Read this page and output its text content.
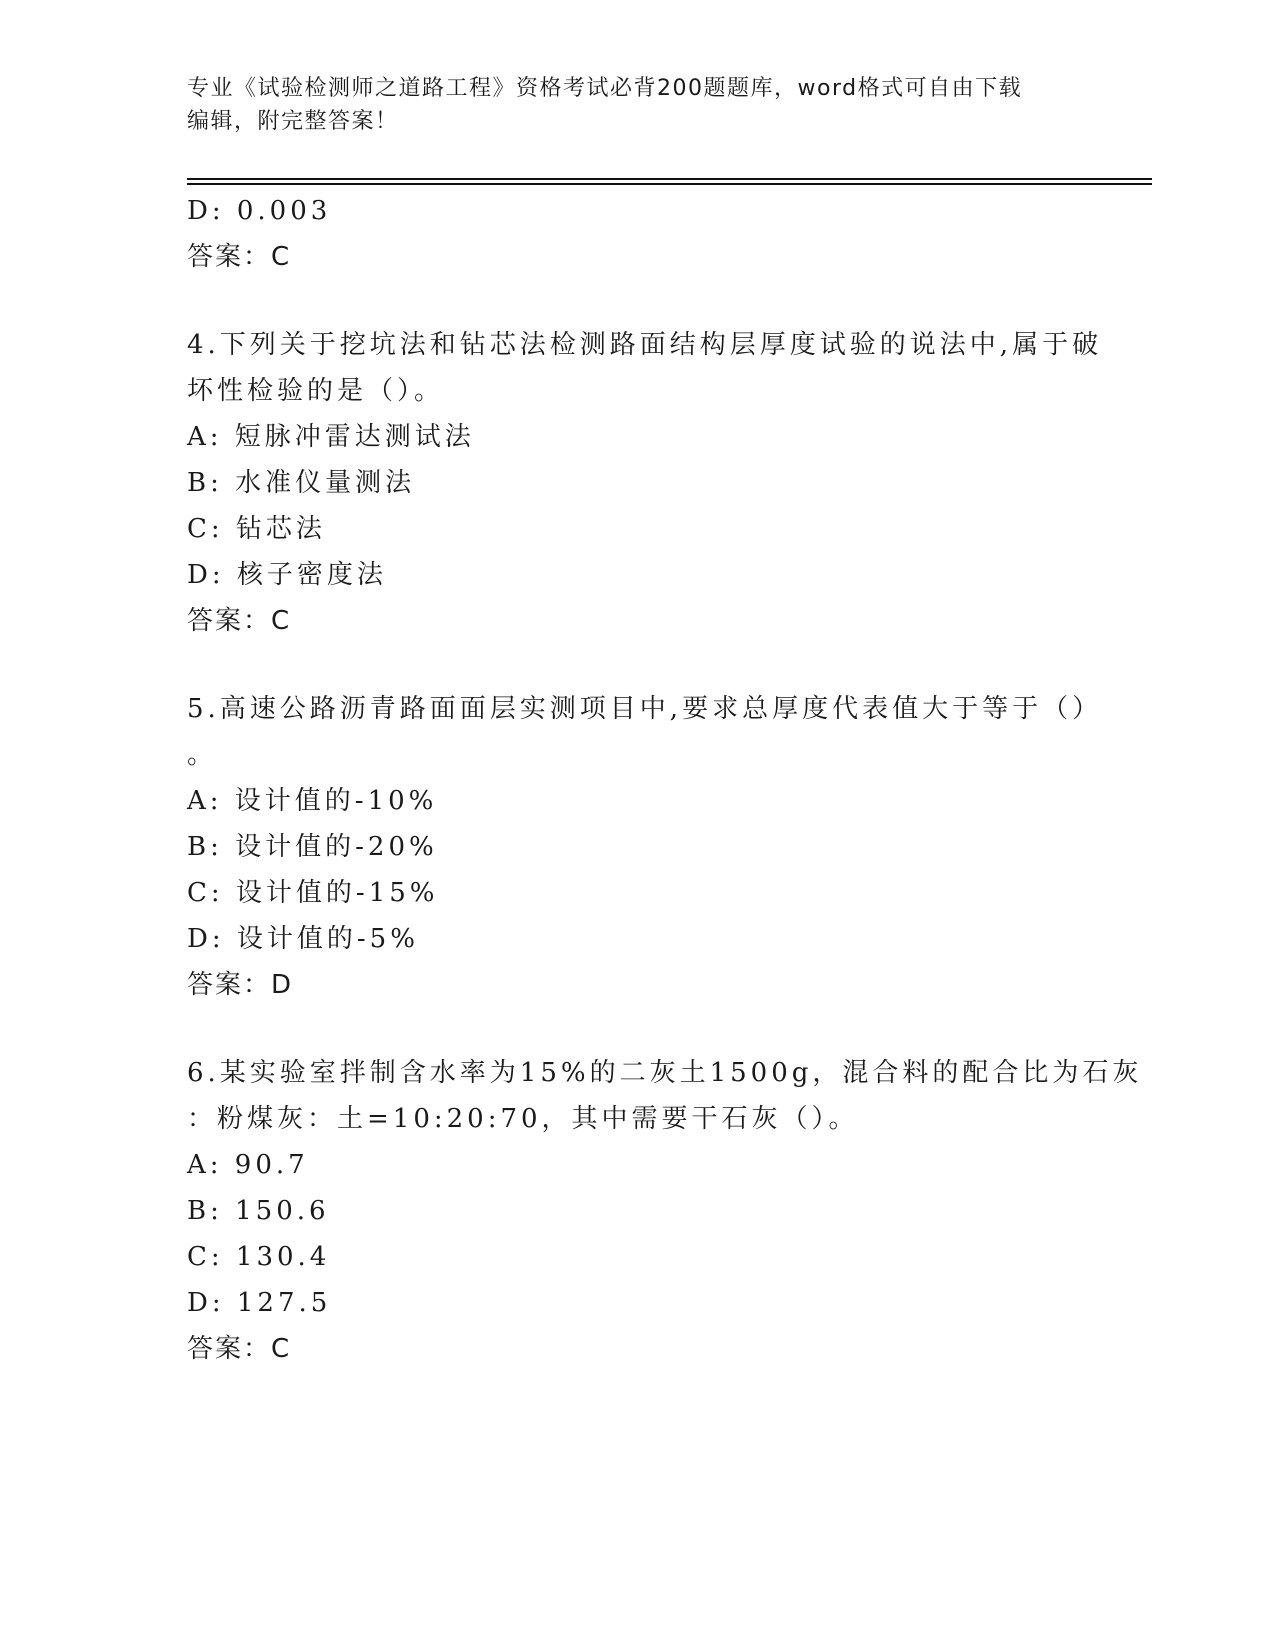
专业《试验检测师之道路工程》资格考试必背200题题库，word格式可自由下载
编辑，附完整答案！
D: 0.003
答案：C
4.下列关于挖坑法和钻芯法检测路面结构层厚度试验的说法中,属于破
坏性检验的是（）。
A: 短脉冲雷达测试法
B: 水准仪量测法
C: 钻芯法
D: 核子密度法
答案：C
5.高速公路沥青路面面层实测项目中,要求总厚度代表值大于等于（）
。
A: 设计值的-10%
B: 设计值的-20%
C: 设计值的-15%
D: 设计值的-5%
答案：D
6.某实验室拌制含水率为15%的二灰土1500g，混合料的配合比为石灰
：粉煤灰：土=10:20:70，其中需要干石灰（）。
A: 90.7
B: 150.6
C: 130.4
D: 127.5
答案：C
